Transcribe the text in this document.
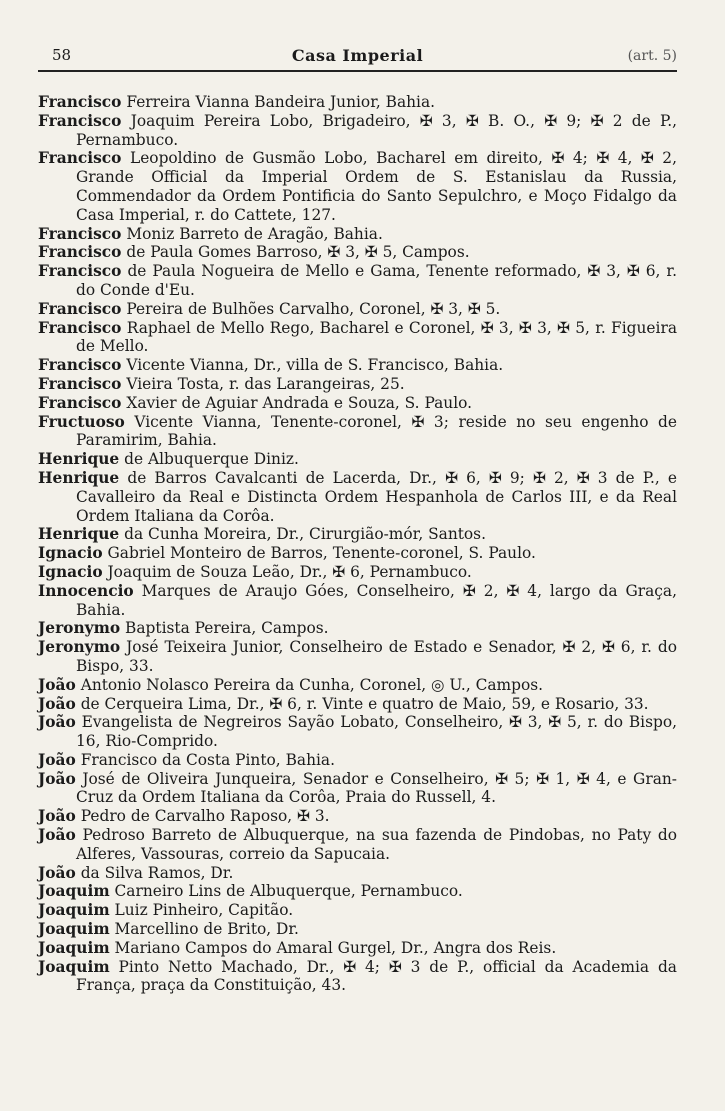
58	Casa Imperial	(art. 5)
Francisco Ferreira Vianna Bandeira Junior, Bahia.
Francisco Joaquim Pereira Lobo, Brigadeiro, ✠ 3, ✠ B. O., ✠ 9; ✠ 2 de P., Pernambuco.
Francisco Leopoldino de Gusmão Lobo, Bacharel em direito, ✠ 4; ✠ 4, ✠ 2, Grande Official da Imperial Ordem de S. Estanislau da Russia, Commendador da Ordem Pontificia do Santo Sepulchro, e Moço Fidalgo da Casa Imperial, r. do Cattete, 127.
Francisco Moniz Barreto de Aragão, Bahia.
Francisco de Paula Gomes Barroso, ✠ 3, ✠ 5, Campos.
Francisco de Paula Nogueira de Mello e Gama, Tenente reformado, ✠ 3, ✠ 6, r. do Conde d'Eu.
Francisco Pereira de Bulhões Carvalho, Coronel, ✠ 3, ✠ 5.
Francisco Raphael de Mello Rego, Bacharel e Coronel, ✠ 3, ✠ 3, ✠ 5, r. Figueira de Mello.
Francisco Vicente Vianna, Dr., villa de S. Francisco, Bahia.
Francisco Vieira Tosta, r. das Larangeiras, 25.
Francisco Xavier de Aguiar Andrada e Souza, S. Paulo.
Fructuoso Vicente Vianna, Tenente-coronel, ✠ 3; reside no seu engenho de Paramirim, Bahia.
Henrique de Albuquerque Diniz.
Henrique de Barros Cavalcanti de Lacerda, Dr., ✠ 6, ✠ 9; ✠ 2, ✠ 3 de P., e Cavalleiro da Real e Distincta Ordem Hespanhola de Carlos III, e da Real Ordem Italiana da Corôa.
Henrique da Cunha Moreira, Dr., Cirurgião-mór, Santos.
Ignacio Gabriel Monteiro de Barros, Tenente-coronel, S. Paulo.
Ignacio Joaquim de Souza Leão, Dr., ✠ 6, Pernambuco.
Innocencio Marques de Araujo Góes, Conselheiro, ✠ 2, ✠ 4, largo da Graça, Bahia.
Jeronymo Baptista Pereira, Campos.
Jeronymo José Teixeira Junior, Conselheiro de Estado e Senador, ✠ 2, ✠ 6, r. do Bispo, 33.
João Antonio Nolasco Pereira da Cunha, Coronel, ◎ U., Campos.
João de Cerqueira Lima, Dr., ✠ 6, r. Vinte e quatro de Maio, 59, e Rosario, 33.
João Evangelista de Negreiros Sayão Lobato, Conselheiro, ✠ 3, ✠ 5, r. do Bispo, 16, Rio-Comprido.
João Francisco da Costa Pinto, Bahia.
João José de Oliveira Junqueira, Senador e Conselheiro, ✠ 5; ✠ 1, ✠ 4, e Gran-Cruz da Ordem Italiana da Corôa, Praia do Russell, 4.
João Pedro de Carvalho Raposo, ✠ 3.
João Pedroso Barreto de Albuquerque, na sua fazenda de Pindobas, no Paty do Alferes, Vassouras, correio da Sapucaia.
João da Silva Ramos, Dr.
Joaquim Carneiro Lins de Albuquerque, Pernambuco.
Joaquim Luiz Pinheiro, Capitão.
Joaquim Marcellino de Brito, Dr.
Joaquim Mariano Campos do Amaral Gurgel, Dr., Angra dos Reis.
Joaquim Pinto Netto Machado, Dr., ✠ 4; ✠ 3 de P., official da Academia da França, praça da Constituição, 43.
